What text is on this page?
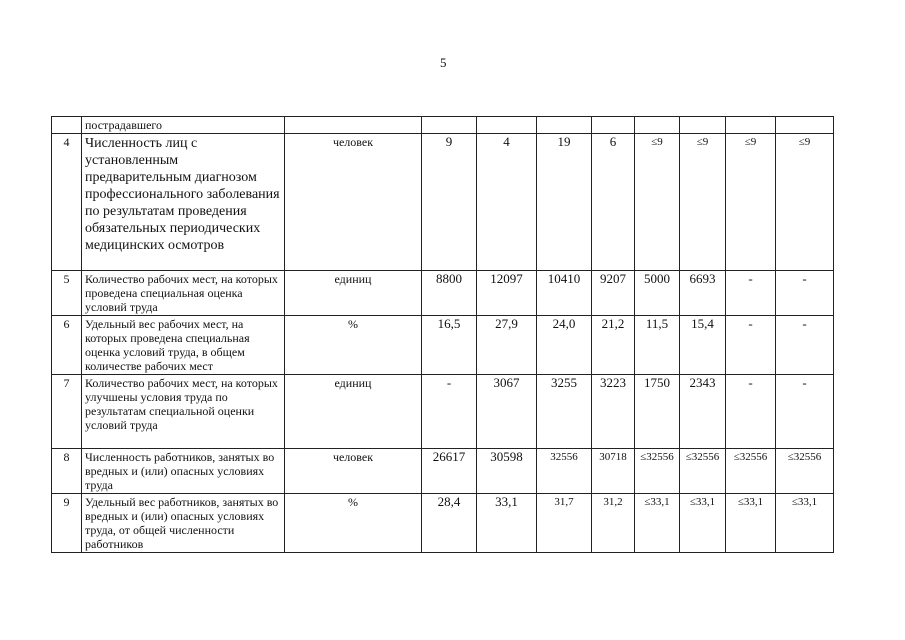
5
	пострадавшего									
4	Численность лиц с установленным предварительным диагнозом профессионального заболевания по результатам проведения обязательных периодических медицинских осмотров	человек	9	4	19	6	≤9	≤9	≤9	≤9
5	Количество рабочих мест, на которых проведена специальная оценка условий труда	единиц	8800	12097	10410	9207	5000	6693	-	-
6	Удельный вес рабочих мест, на которых проведена специальная оценка условий труда, в общем количестве рабочих мест	%	16,5	27,9	24,0	21,2	11,5	15,4	-	-
7	Количество рабочих мест, на которых улучшены условия труда по результатам специальной оценки условий труда	единиц	-	3067	3255	3223	1750	2343	-	-
8	Численность работников, занятых во вредных и (или) опасных условиях труда	человек	26617	30598	32556	30718	≤32556	≤32556	≤32556	≤32556
9	Удельный вес работников, занятых во вредных и (или) опасных условиях труда, от общей численности работников	%	28,4	33,1	31,7	31,2	≤33,1	≤33,1	≤33,1	≤33,1
